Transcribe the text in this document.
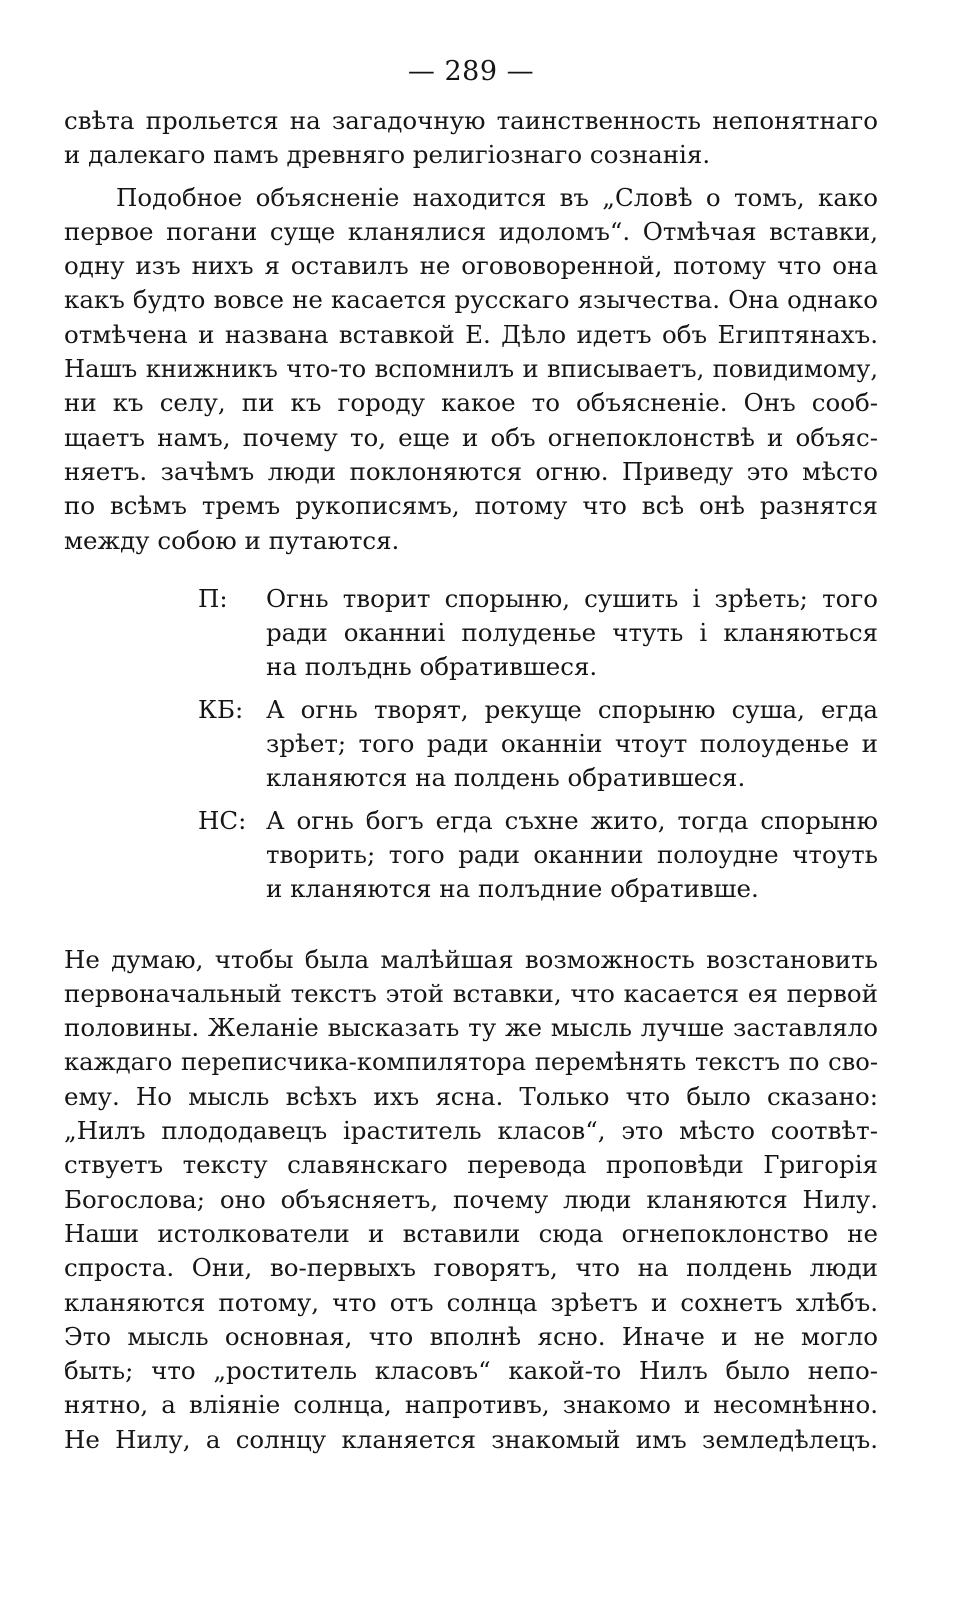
— 289 —
свѣта прольется на загадочную таинственность непонятнаго
и далекаго памъ древняго религіознаго сознанія.
Подобное объясненіе находится въ „Словѣ о томъ, како
первое погани суще кланялися идоломъ“. Отмѣчая вставки,
одну изъ нихъ я оставилъ не огововоренной, потому что она
какъ будто вовсе не касается русскаго язычества. Она однако
отмѣчена и названа вставкой Е. Дѣло идетъ объ Египтянахъ.
Нашъ книжникъ что-то вспомнилъ и вписываетъ, повидимому,
ни къ селу, пи къ городу какое то объясненіе. Онъ сооб-
щаетъ намъ, почему то, еще и объ огнепоклонствѣ и объяс-
няетъ. зачѣмъ люди поклоняются огню. Приведу это мѣсто
по всѣмъ тремъ рукописямъ, потому что всѣ онѣ разнятся
между собою и путаются.
П: Огнь творит спорыню, сушить і зрѣеть; того
ради оканниі полуденье чтуть і кланяються
на полъднь обратившеся.
КБ: А огнь творят, рекуще спорыню суша, егда
зрѣет; того ради оканніи чтоут полоуденье и
кланяются на полдень обратившеся.
НС: А огнь богъ егда съхне жито, тогда спорыню
творить; того ради оканнии полоудне чтоуть
и кланяются на полъдние обративше.
Не думаю, чтобы была малѣйшая возможность возстановить
первоначальный текстъ этой вставки, что касается ея первой
половины. Желаніе высказать ту же мысль лучше заставляло
каждаго переписчика-компилятора перемѣнять текстъ по сво-
ему. Но мысль всѣхъ ихъ ясна. Только что было сказано:
„Нилъ плододавецъ іраститель класов“, это мѣсто соотвѣт-
ствуетъ тексту славянскаго перевода проповѣди Григорія
Богослова; оно объясняетъ, почему люди кланяются Нилу.
Наши истолкователи и вставили сюда огнепоклонство не
спроста. Они, во-первыхъ говорятъ, что на полдень люди
кланяются потому, что отъ солнца зрѣетъ и сохнетъ хлѣбъ.
Это мысль основная, что вполнѣ ясно. Иначе и не могло
быть; что „роститель класовъ“ какой-то Нилъ было непо-
нятно, а вліяніе солнца, напротивъ, знакомо и несомнѣнно.
Не Нилу, а солнцу кланяется знакомый имъ земледѣлецъ.
